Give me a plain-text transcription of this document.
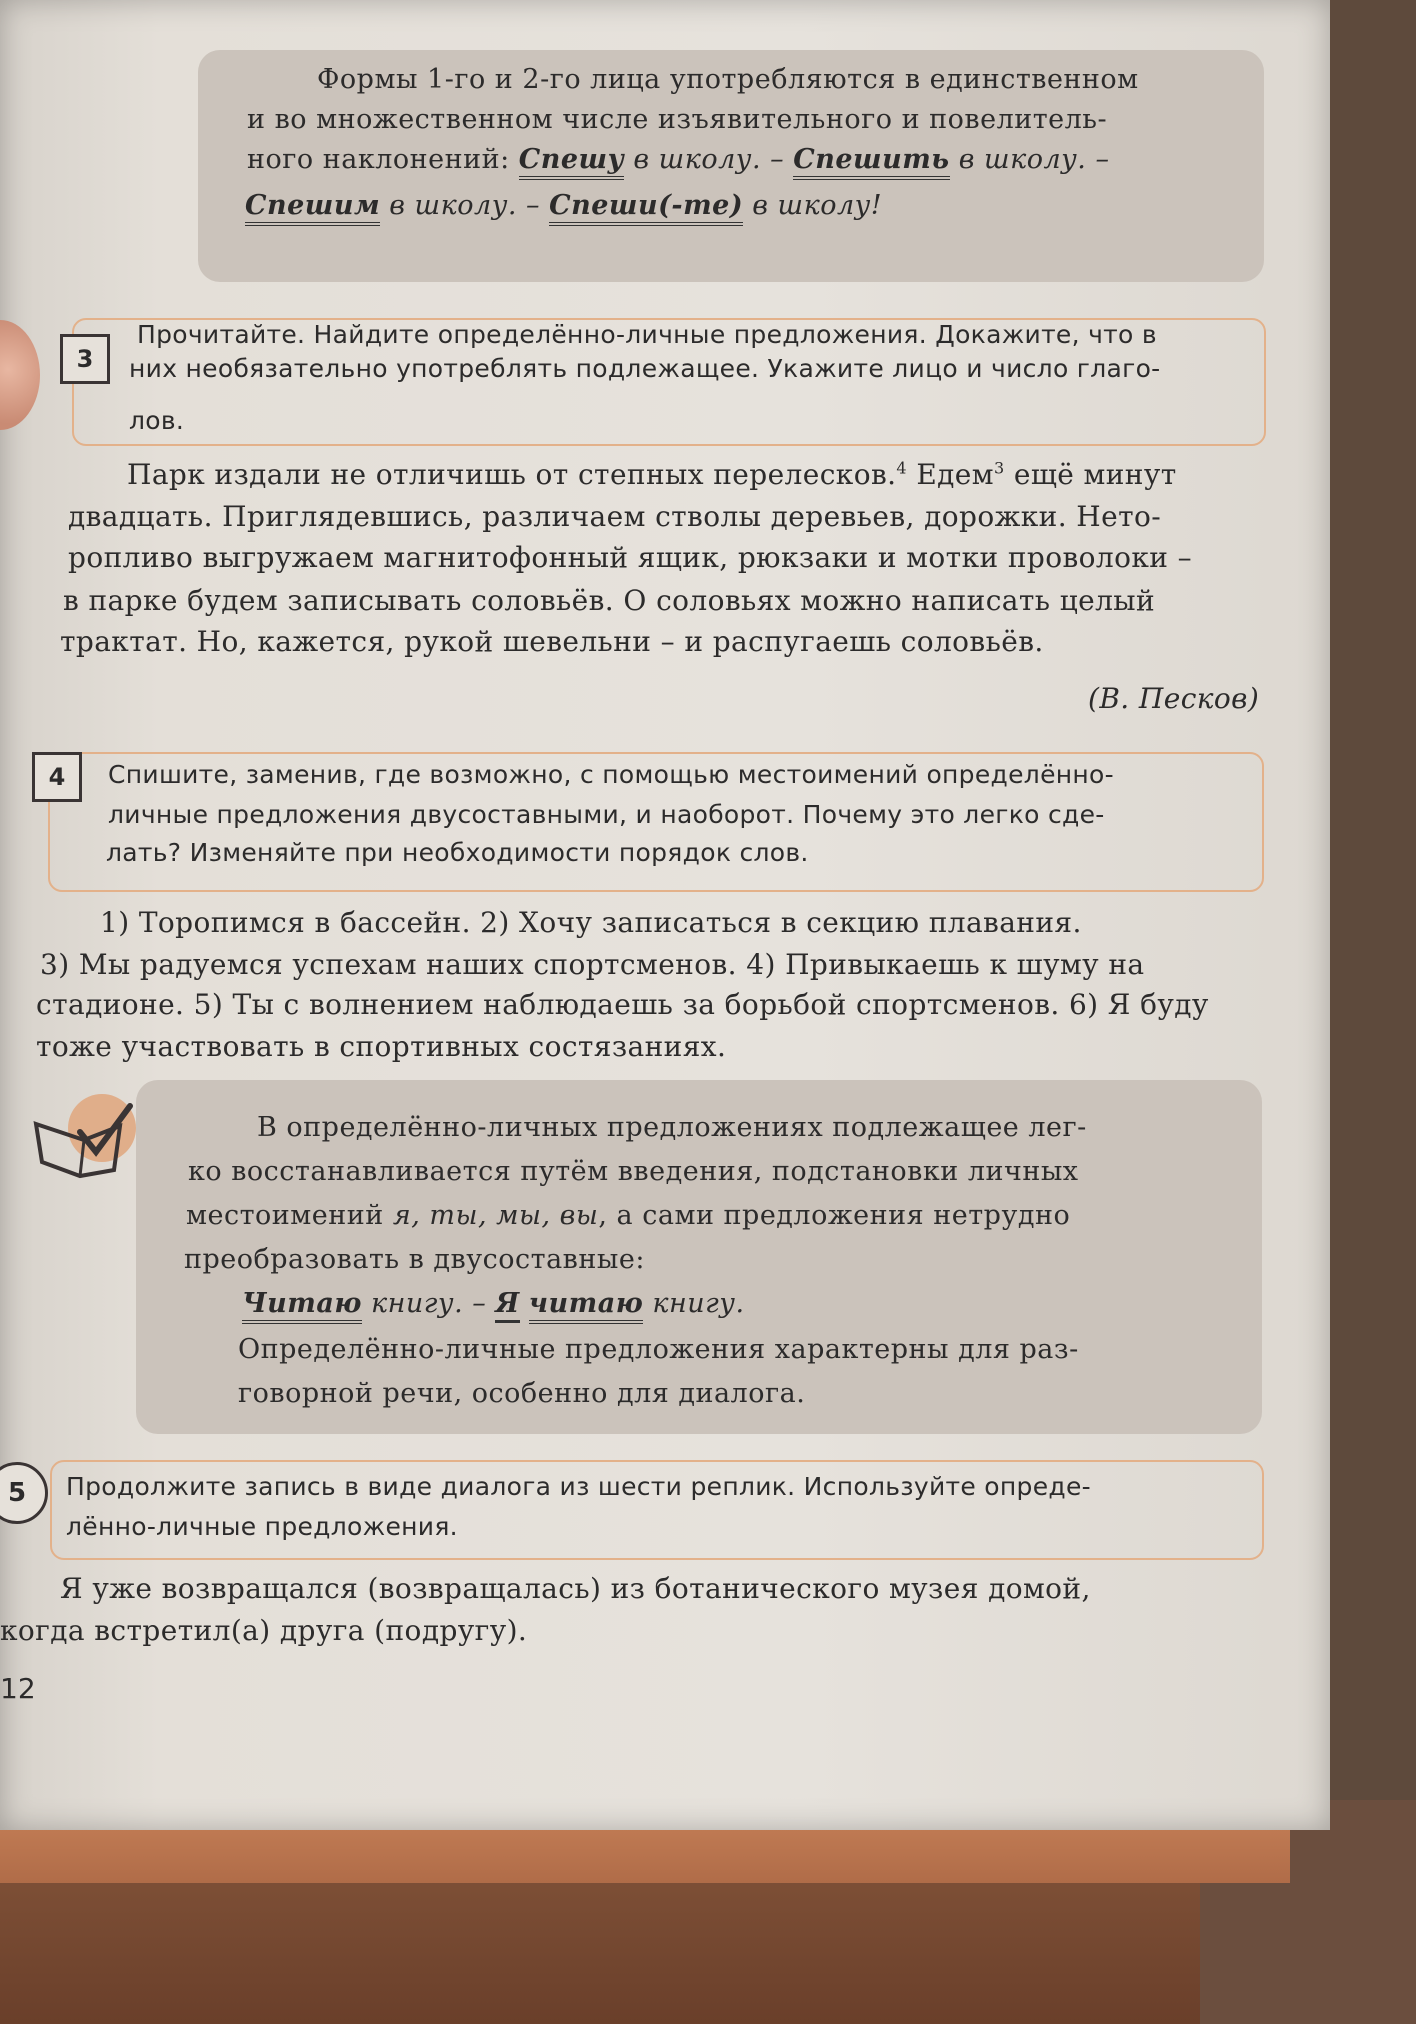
Формы 1-го и 2-го лица употребляются в единственном
и во множественном числе изъявительного и повелитель-
ного наклонений: Спешу в школу. – Спешить в школу. –
Спешим в школу. – Спеши(-те) в школу!
3
Прочитайте. Найдите определённо-личные предложения. Докажите, что в
них необязательно употреблять подлежащее. Укажите лицо и число глаго-
лов.
Парк издали не отличишь от степных перелесков.$^4$ Едем$^3$ ещё минут
двадцать. Приглядевшись, различаем стволы деревьев, дорожки. Нето-
ропливо выгружаем магнитофонный ящик, рюкзаки и мотки проволоки –
в парке будем записывать соловьёв. О соловьях можно написать целый
трактат. Но, кажется, рукой шевельни – и распугаешь соловьёв.
(В. Песков)
4	Спишите, заменив, где возможно, с помощью местоимений определённо-
личные предложения двусоставными, и наоборот. Почему это легко сде-
лать? Изменяйте при необходимости порядок слов.
1) Торопимся в бассейн. 2) Хочу записаться в секцию плавания.
3) Мы радуемся успехам наших спортсменов. 4) Привыкаешь к шуму на
стадионе. 5) Ты с волнением наблюдаешь за борьбой спортсменов. 6) Я буду
тоже участвовать в спортивных состязаниях.
В определённо-личных предложениях подлежащее лег-
ко восстанавливается путём введения, подстановки личных
местоимений я, ты, мы, вы, а сами предложения нетрудно
преобразовать в двусоставные:
Читаю книгу. – Я читаю книгу.
Определённо-личные предложения характерны для раз-
говорной речи, особенно для диалога.
5	Продолжите запись в виде диалога из шести реплик. Используйте опреде-
лённо-личные предложения.
Я уже возвращался (возвращалась) из ботанического музея домой,
когда встретил(а) друга (подругу).
12
